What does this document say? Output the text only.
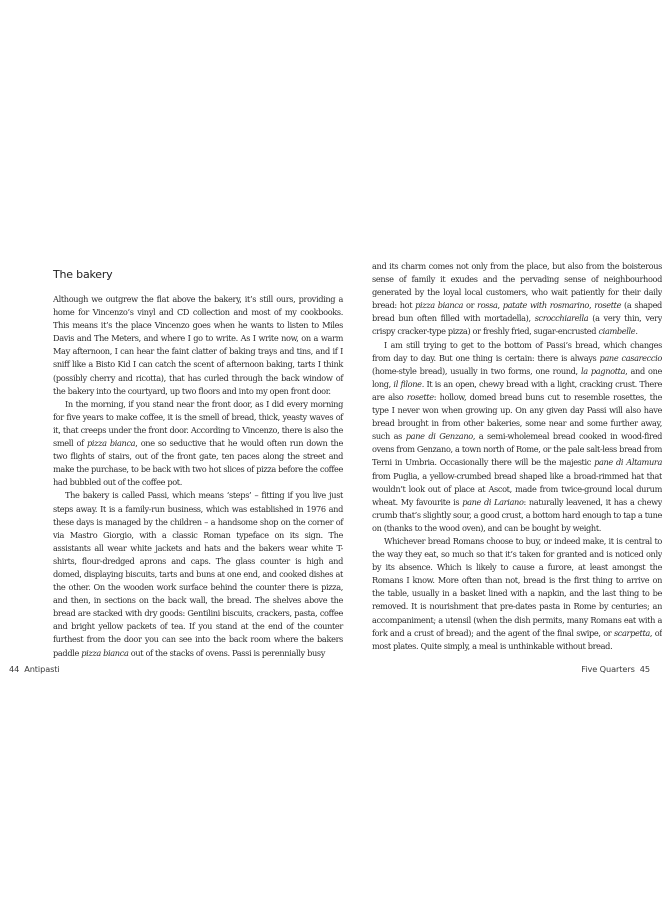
The bakery

Although we outgrew the flat above the bakery, it’s still ours, providing a home for Vincenzo’s vinyl and CD collection and most of my cookbooks. This means it’s the place Vincenzo goes when he wants to listen to Miles Davis and The Meters, and where I go to write. As I write now, on a warm May afternoon, I can hear the faint clatter of baking trays and tins, and if I sniff like a Bisto Kid I can catch the scent of afternoon baking, tarts I think (possibly cherry and ricotta), that has curled through the back window of the bakery into the courtyard, up two floors and into my open front door.

In the morning, if you stand near the front door, as I did every morning for five years to make coffee, it is the smell of bread, thick, yeasty waves of it, that creeps under the front door. According to Vincenzo, there is also the smell of pizza bianca, one so seductive that he would often run down the two flights of stairs, out of the front gate, ten paces along the street and make the purchase, to be back with two hot slices of pizza before the coffee had bubbled out of the coffee pot.

The bakery is called Passi, which means ‘steps’ – fitting if you live just steps away. It is a family-run business, which was established in 1976 and these days is managed by the children – a handsome shop on the corner of via Mastro Giorgio, with a classic Roman typeface on its sign. The assistants all wear white jackets and hats and the bakers wear white T-shirts, flour-dredged aprons and caps. The glass counter is high and domed, displaying biscuits, tarts and buns at one end, and cooked dishes at the other. On the wooden work surface behind the counter there is pizza, and then, in sections on the back wall, the bread. The shelves above the bread are stacked with dry goods: Gentilini biscuits, crackers, pasta, coffee and bright yellow packets of tea. If you stand at the end of the counter furthest from the door you can see into the back room where the bakers paddle pizza bianca out of the stacks of ovens. Passi is perennially busy

and its charm comes not only from the place, but also from the boisterous sense of family it exudes and the pervading sense of neighbourhood generated by the loyal local customers, who wait patiently for their daily bread: hot pizza bianca or rossa, patate with rosmarino, rosette (a shaped bread bun often filled with mortadella), scrocchiarella (a very thin, very crispy cracker-type pizza) or freshly fried, sugar-encrusted ciambelle.

I am still trying to get to the bottom of Passi’s bread, which changes from day to day. But one thing is certain: there is always pane casareccio (home-style bread), usually in two forms, one round, la pagnotta, and one long, il filone. It is an open, chewy bread with a light, cracking crust. There are also rosette: hollow, domed bread buns cut to resemble rosettes, the type I never won when growing up. On any given day Passi will also have bread brought in from other bakeries, some near and some further away, such as pane di Genzano, a semi-wholemeal bread cooked in wood-fired ovens from Genzano, a town north of Rome, or the pale salt-less bread from Terni in Umbria. Occasionally there will be the majestic pane di Altamura from Puglia, a yellow-crumbed bread shaped like a broad-rimmed hat that wouldn’t look out of place at Ascot, made from twice-ground local durum wheat. My favourite is pane di Lariano: naturally leavened, it has a chewy crumb that’s slightly sour, a good crust, a bottom hard enough to tap a tune on (thanks to the wood oven), and can be bought by weight.

Whichever bread Romans choose to buy, or indeed make, it is central to the way they eat, so much so that it’s taken for granted and is noticed only by its absence. Which is likely to cause a furore, at least amongst the Romans I know. More often than not, bread is the first thing to arrive on the table, usually in a basket lined with a napkin, and the last thing to be removed. It is nourishment that pre-dates pasta in Rome by centuries; an accompaniment; a utensil (when the dish permits, many Romans eat with a fork and a crust of bread); and the agent of the final swipe, or scarpetta, of most plates. Quite simply, a meal is unthinkable without bread.

44 Antipasti	Five Quarters 45
